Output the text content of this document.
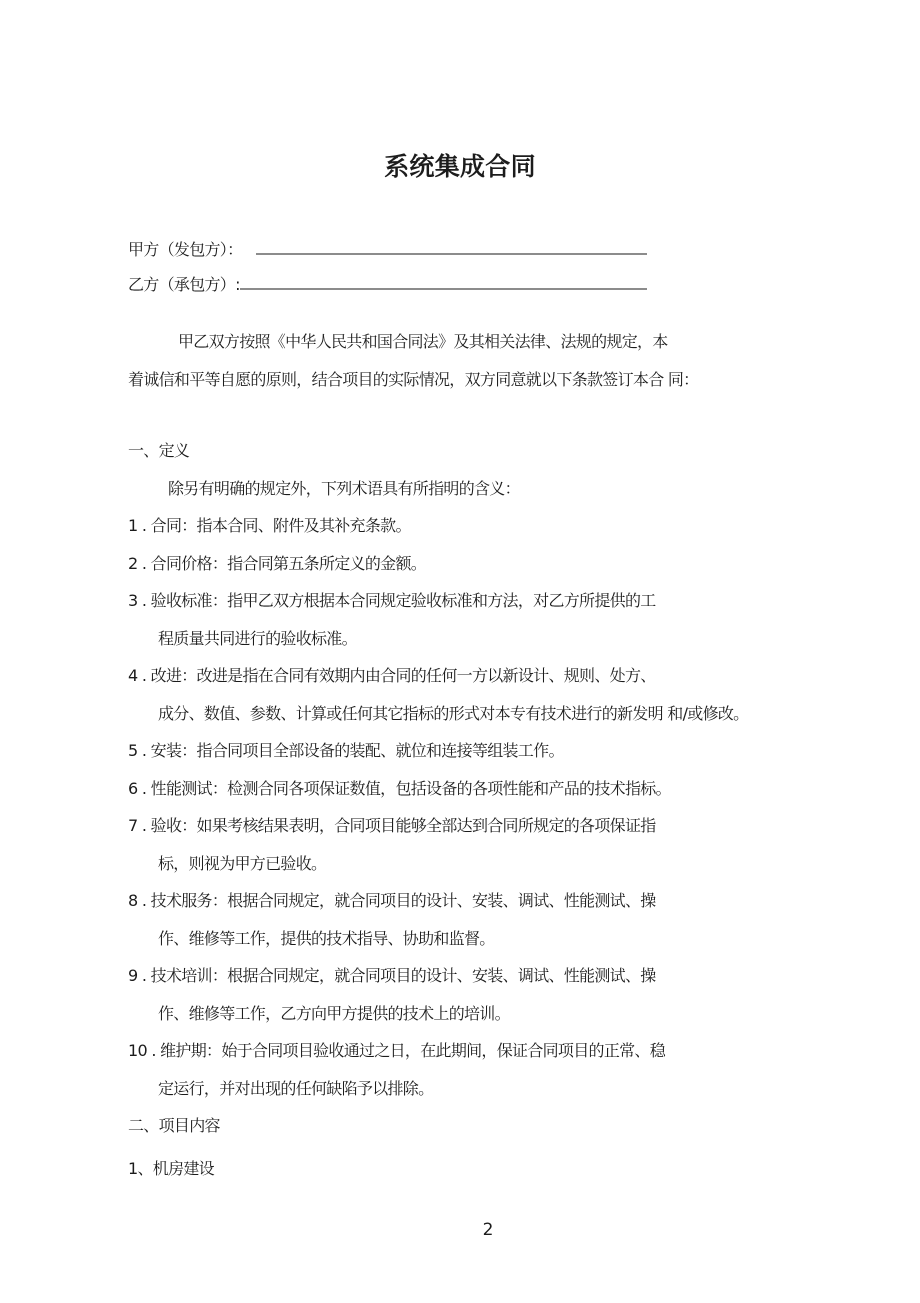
系统集成合同
甲方（发包方）：
乙方（承包方）:

甲乙双方按照《中华人民共和国合同法》及其相关法律、法规的规定，本

着诚信和平等自愿的原则，结合项目的实际情况，双方同意就以下条款签订本合 同：

一、定义

除另有明确的规定外，下列术语具有所指明的含义：

1 . 合同：指本合同、附件及其补充条款。

2 . 合同价格：指合同第五条所定义的金额。

3 . 验收标准：指甲乙双方根据本合同规定验收标准和方法，对乙方所提供的工

程质量共同进行的验收标准。

4 . 改进：改进是指在合同有效期内由合同的任何一方以新设计、规则、处方、

成分、数值、参数、计算或任何其它指标的形式对本专有技术进行的新发明 和/或修改。

5 . 安装：指合同项目全部设备的装配、就位和连接等组装工作。

6 . 性能测试：检测合同各项保证数值，包括设备的各项性能和产品的技术指标。

7 . 验收：如果考核结果表明，合同项目能够全部达到合同所规定的各项保证指

标，则视为甲方已验收。

8 . 技术服务：根据合同规定，就合同项目的设计、安装、调试、性能测试、操

作、维修等工作，提供的技术指导、协助和监督。

9 . 技术培训：根据合同规定，就合同项目的设计、安装、调试、性能测试、操

作、维修等工作，乙方向甲方提供的技术上的培训。

10 . 维护期：始于合同项目验收通过之日，在此期间，保证合同项目的正常、稳

定运行，并对出现的任何缺陷予以排除。

二、项目内容

1、机房建设

2
